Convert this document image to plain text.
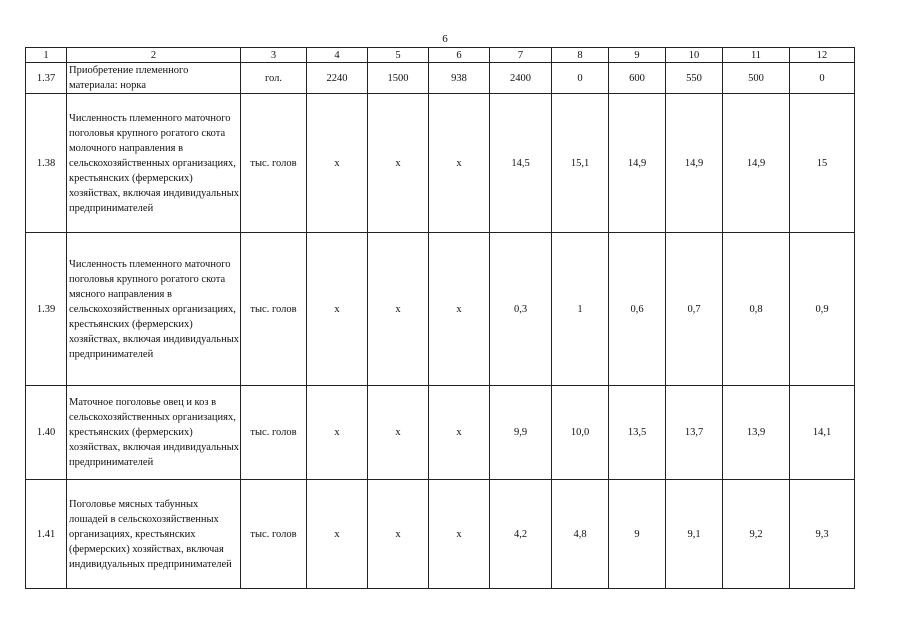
6
1	2	3	4	5	6	7	8	9	10	11	12
1.37	Приобретение племенного материала: норка	гол.	2240	1500	938	2400	0	600	550	500	0
1.38	Численность племенного маточного поголовья крупного рогатого скота молочного направления в сельскохозяйственных организациях, крестьянских (фермерских) хозяйствах, включая индивидуальных предпринимателей	тыс. голов	x	x	x	14,5	15,1	14,9	14,9	14,9	15
1.39	Численность племенного маточного поголовья крупного рогатого скота мясного направления в сельскохозяйственных организациях, крестьянских (фермерских) хозяйствах, включая индивидуальных предпринимателей	тыс. голов	x	x	x	0,3	1	0,6	0,7	0,8	0,9
1.40	Маточное поголовье овец и коз в сельскохозяйственных организациях, крестьянских (фермерских) хозяйствах, включая индивидуальных предпринимателей	тыс. голов	x	x	x	9,9	10,0	13,5	13,7	13,9	14,1
1.41	Поголовье мясных табунных лошадей в сельскохозяйственных организациях, крестьянских (фермерских) хозяйствах, включая индивидуальных предпринимателей	тыс. голов	x	x	x	4,2	4,8	9	9,1	9,2	9,3
